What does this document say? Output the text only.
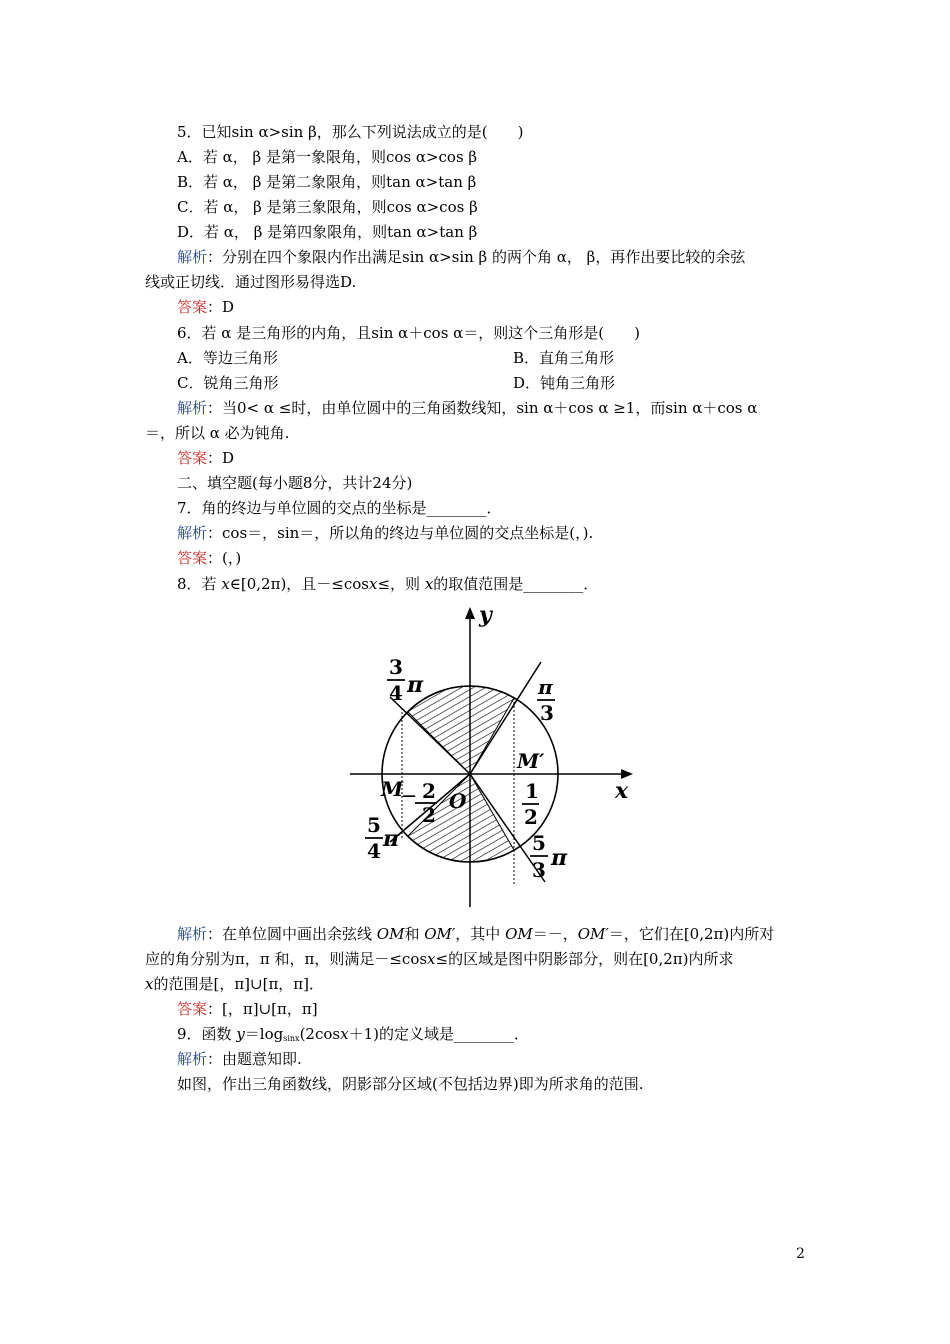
5．已知sin α>sin β，那么下列说法成立的是(　　)
A．若 α， β 是第一象限角，则cos α>cos β
B．若 α， β 是第二象限角，则tan α>tan β
C．若 α， β 是第三象限角，则cos α>cos β
D．若 α， β 是第四象限角，则tan α>tan β
解析：分别在四个象限内作出满足sin α>sin β 的两个角 α， β，再作出要比较的余弦
线或正切线．通过图形易得选D.
答案：D
6．若 α 是三角形的内角，且sin α＋cos α＝，则这个三角形是(　　)
A．等边三角形	B．直角三角形
C．锐角三角形	D．钝角三角形
解析：当0< α ≤时，由单位圆中的三角函数线知，sin α＋cos α ≥1，而sin α＋cos α
＝，所以 α 必为钝角.
答案：D
二、填空题(每小题8分，共计24分)
7．角的终边与单位圆的交点的坐标是________．
解析：cos＝，sin＝，所以角的终边与单位圆的交点坐标是(，).
答案：(，)
8．若 x∈[0,2π)，且－≤cosx≤，则 x的取值范围是________．
y
x
O
3
4 π	π
3
M′
M
— 2
2
1
2
5
4 π	5
3 π
解析：在单位圆中画出余弦线 OM和 OM′，其中 OM＝－，OM′＝，它们在[0,2π)内所对
应的角分别为π，π 和，π，则满足－≤cosx≤的区域是图中阴影部分，则在[0,2π)内所求
x的范围是[，π]∪[π，π]．
答案：[，π]∪[π，π]
9．函数 $y=\log_{sinx}(2\cos x+1)$的定义域是________．
解析：由题意知即.
如图，作出三角函数线，阴影部分区域(不包括边界)即为所求角的范围.
2
